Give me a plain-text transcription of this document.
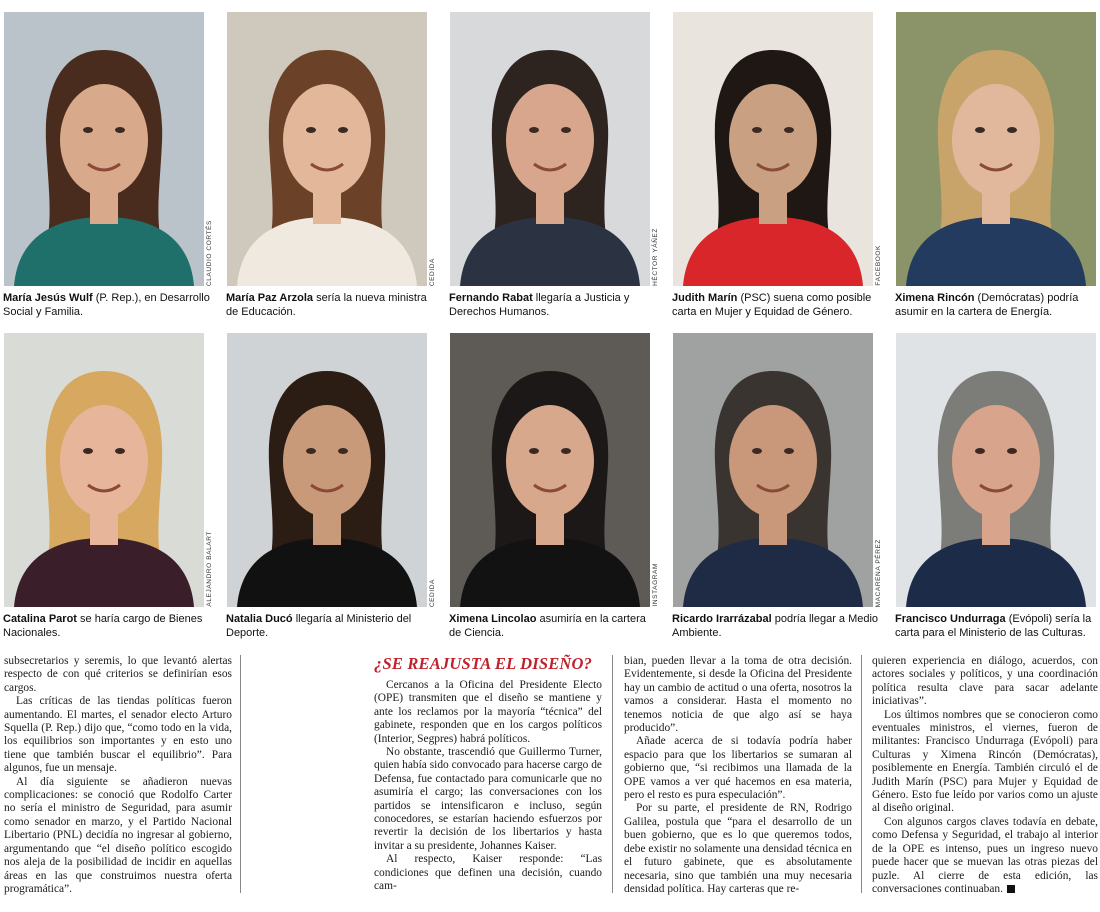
CLAUDIO CORTÉS
María Jesús Wulf (P. Rep.), en Desarrollo Social y Familia.
CEDIDA
María Paz Arzola sería la nueva ministra de Educación.
HÉCTOR YÁÑEZ
Fernando Rabat llegaría a Justicia y Derechos Humanos.
FACEBOOK
Judith Marín (PSC) suena como posible carta en Mujer y Equidad de Género.
Ximena Rincón (Demócratas) podría asumir en la cartera de Energía.
ALEJANDRO BALART
Catalina Parot se haría cargo de Bienes Nacionales.
CEDIDA
Natalia Ducó llegaría al Ministerio del Deporte.
INSTAGRAM
Ximena Lincolao asumiría en la cartera de Ciencia.
MACARENA PÉREZ
Ricardo Irarrázabal podría llegar a Medio Ambiente.
Francisco Undurraga (Evópoli) sería la carta para el Ministerio de las Culturas.

subsecretarios y seremis, lo que levantó alertas respecto de con qué criterios se definirían esos cargos.

Las críticas de las tiendas políticas fueron aumentando. El martes, el senador electo Arturo Squella (P. Rep.) dijo que, “como todo en la vida, los equilibrios son importantes y en esto uno tiene que también buscar el equilibrio”. Para algunos, fue un mensaje.

Al día siguiente se añadieron nuevas complicaciones: se conoció que Rodolfo Carter no sería el ministro de Seguridad, para asumir como senador en marzo, y el Partido Nacional Libertario (PNL) decidía no ingresar al gobierno, argumentando que “el diseño político escogido nos aleja de la posibilidad de incidir en aquellas áreas en las que construimos nuestra oferta programática”.

¿SE REAJUSTA EL DISEÑO?

Cercanos a la Oficina del Presidente Electo (OPE) transmiten que el diseño se mantiene y ante los reclamos por la mayoría “técnica” del gabinete, responden que en los cargos políticos (Interior, Segpres) habrá políticos.

No obstante, trascendió que Guillermo Turner, quien había sido convocado para hacerse cargo de Defensa, fue contactado para comunicarle que no asumiría el cargo; las conversaciones con los partidos se intensificaron e incluso, según conocedores, se estarían haciendo esfuerzos por revertir la decisión de los libertarios y hasta invitar a su presidente, Johannes Kaiser.

Al respecto, Kaiser responde: “Las condiciones que definen una decisión, cuando cam-

bian, pueden llevar a la toma de otra decisión. Evidentemente, si desde la Oficina del Presidente hay un cambio de actitud o una oferta, nosotros la vamos a considerar. Hasta el momento no tenemos noticia de que algo así se haya producido”.

Añade acerca de si todavía podría haber espacio para que los libertarios se sumaran al gobierno que, “si recibimos una llamada de la OPE vamos a ver qué hacemos en esa materia, pero el resto es pura especulación”.

Por su parte, el presidente de RN, Rodrigo Galilea, postula que “para el desarrollo de un buen gobierno, que es lo que queremos todos, debe existir no solamente una densidad técnica en el futuro gabinete, que es absolutamente necesaria, sino que también una muy necesaria densidad política. Hay carteras que re-

quieren experiencia en diálogo, acuerdos, con actores sociales y políticos, y una coordinación política resulta clave para sacar adelante iniciativas”.

Los últimos nombres que se conocieron como eventuales ministros, el viernes, fueron de militantes: Francisco Undurraga (Evópoli) para Culturas y Ximena Rincón (Demócratas), posiblemente en Energía. También circuló el de Judith Marín (PSC) para Mujer y Equidad de Género. Esto fue leído por varios como un ajuste al diseño original.

Con algunos cargos claves todavía en debate, como Defensa y Seguridad, el trabajo al interior de la OPE es intenso, pues un ingreso nuevo puede hacer que se muevan las otras piezas del puzle. Al cierre de esta edición, las conversaciones continuaban.
